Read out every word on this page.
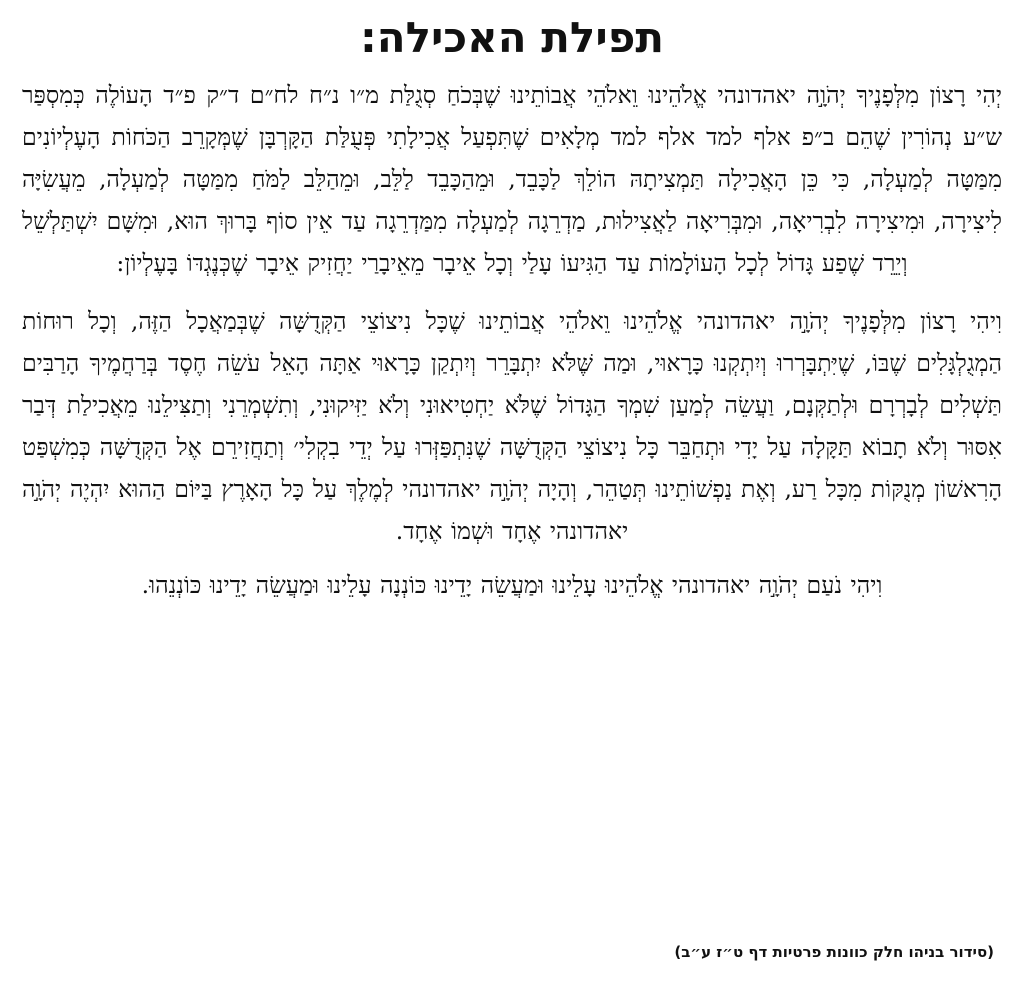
תפילת האכילה:

יְהִי רָצוֹן מִלְּפָנֶיךָ יְהֹוָ֣ה יאהדונהי אֱלֹהֵינוּ וֵאלֹהֵי אֲבוֹתֵינוּ שֶׁבְּכֹחַ סְגֻלַּת מ״ו נ״ח לח״ם ד״ק פ״ד הָעוֹלֶה כְּמִסְפַּר ש״ע נְהוֹרִין שֶׁהֵם ב״פ אלף למד אלף למד מְלָאִים שֶׁתִּפְעַל אֲכִילָתִי פְּעֻלַּת הַקָּרְבָּן שֶׁמְּקָרֵב הַכֹּחוֹת הָעֶלְיוֹנִים מִמַּטָּה לְמַעְלָה, כִּי כֵּן הָאֲכִילָה תַּמְצִיתָהּ הוֹלֵךְ לַכָּבֵד, וּמֵהַכָּבֵד לַלֵּב, וּמֵהַלֵּב לַמֹּחַ מִמַּטָּה לְמַעְלָה, מֵעֲשִׂיָּה לִיצִירָה, וּמִיצִירָה לִבְרִיאָה, וּמִבְּרִיאָה לַאֲצִילוּת, מַדְרֵגָה לְמַעְלָה מִמַּדְרֵגָה עַד אֵין סוֹף בָּרוּךְ הוּא, וּמִשָּׁם יִשְׁתַּלְשֵׁל וְיֵרֵד שֶׁפַע גָּדוֹל לְכָל הָעוֹלָמוֹת עַד הַגִּיעוֹ עָלַי וְכָל אֵיבָר מֵאֵיבָרַי יַחֲזִיק אֵיבָר שֶׁכְּנֶגְדּוֹ בָּעֶלְיוֹן:

וִיהִי רָצוֹן מִלְּפָנֶיךָ יְהֹוָ֣ה יאהדונהי אֱלֹהֵינוּ וֵאלֹהֵי אֲבוֹתֵינוּ שֶׁכָּל נִיצוֹצֵי הַקְּדֻשָּׁה שֶׁבְּמַאֲכָל הַזֶּה, וְכָל רוּחוֹת הַמְגֻלְגָּלִים שֶׁבּוֹ, שֶׁיִּתְבָּרְרוּ וְיִתְקְנוּ כָּרָאוּי, וּמַה שֶּׁלֹּא יִתְבָּרֵר וְיִתְקַן כָּרָאוּי אַתָּה הָאֵל עֹשֵׂה חֶסֶד בְּרַחֲמֶיךָ הָרַבִּים תַּשְׁלִים לְבָרְרָם וּלְתַקְּנָם, וַעֲשֵׂה לְמַעַן שִׁמְךָ הַגָּדוֹל שֶׁלֹּא יַחְטִיאוּנִי וְלֹא יַזִּיקוּנִי, וְתִשְׁמְרֵנִי וְתַצִּילֵנוּ מֵאֲכִילַת דְּבַר אִסּוּר וְלֹא תָבוֹא תַּקָּלָה עַל יָדִי וּתְחַבֵּר כָּל נִיצוֹצֵי הַקְּדֻשָּׁה שֶׁנִּתְפַּזְּרוּ עַל יְדֵי בִקְלִי׳ וְתַחֲזִירֵם אֶל הַקְּדֻשָּׁה כְּמִשְׁפַּט הָרִאשׁוֹן מְנֻקּוֹת מִכָּל רַע, וְאֶת נַפְשׁוֹתֵינוּ תְּטַהֵר, וְהָיָה יְהֹוָ֣ה יאהדונהי לְמֶלֶךְ עַל כָּל הָאָרֶץ בַּיּוֹם הַהוּא יִהְיֶה יְהֹוָ֣ה יאהדונהי אֶחָד וּשְׁמוֹ אֶחָד.

וִיהִי נֹעַם יְהֹוָ֣ה יאהדונהי אֱלֹהֵינוּ עָלֵינוּ וּמַעֲשֵׂה יָדֵינוּ כּוֹנְנָה עָלֵינוּ וּמַעֲשֵׂה יָדֵינוּ כּוֹנְנֵהוּ.

(סידור בניהו חלק כוונות פרטיות דף ט״ז ע״ב)
